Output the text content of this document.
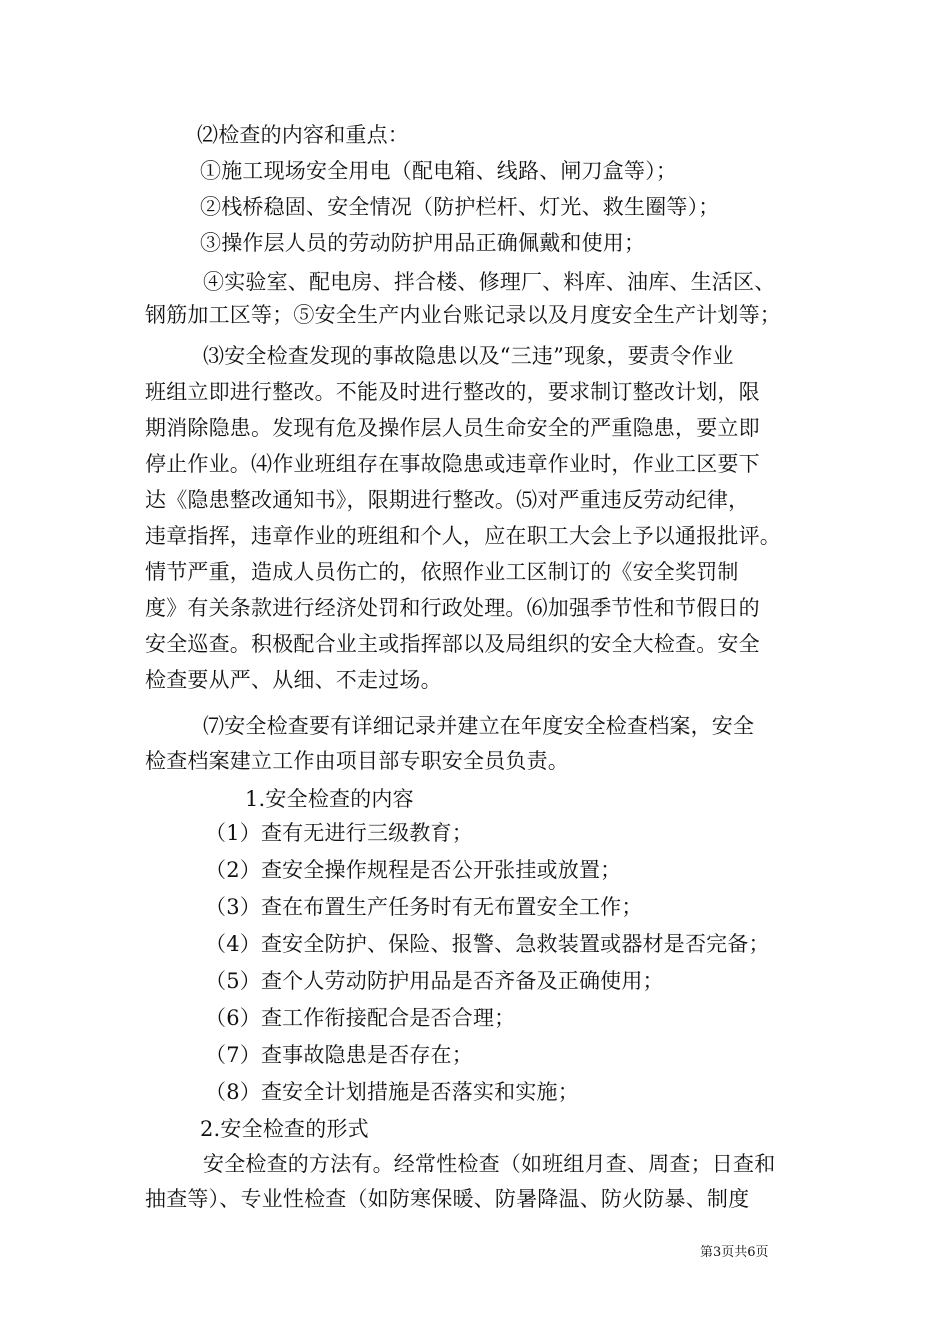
⑵检查的内容和重点：
①施工现场安全用电（配电箱、线路、闸刀盒等）；
②栈桥稳固、安全情况（防护栏杆、灯光、救生圈等）；
③操作层人员的劳动防护用品正确佩戴和使用；
④实验室、配电房、拌合楼、修理厂、料库、油库、生活区、
钢筋加工区等；⑤安全生产内业台账记录以及月度安全生产计划等；
⑶安全检查发现的事故隐患以及“三违”现象，要责令作业
班组立即进行整改。不能及时进行整改的，要求制订整改计划，限
期消除隐患。发现有危及操作层人员生命安全的严重隐患，要立即
停止作业。⑷作业班组存在事故隐患或违章作业时，作业工区要下
达《隐患整改通知书》，限期进行整改。⑸对严重违反劳动纪律，
违章指挥，违章作业的班组和个人，应在职工大会上予以通报批评。
情节严重，造成人员伤亡的，依照作业工区制订的《安全奖罚制
度》有关条款进行经济处罚和行政处理。⑹加强季节性和节假日的
安全巡查。积极配合业主或指挥部以及局组织的安全大检查。安全
检查要从严、从细、不走过场。
⑺安全检查要有详细记录并建立在年度安全检查档案，安全
检查档案建立工作由项目部专职安全员负责。
1.安全检查的内容
（1）查有无进行三级教育；
（2）查安全操作规程是否公开张挂或放置；
（3）查在布置生产任务时有无布置安全工作；
（4）查安全防护、保险、报警、急救装置或器材是否完备；
（5）查个人劳动防护用品是否齐备及正确使用；
（6）查工作衔接配合是否合理；
（7）查事故隐患是否存在；
（8）查安全计划措施是否落实和实施；
2.安全检查的形式
安全检查的方法有。经常性检查（如班组月查、周查；日查和
抽查等）、专业性检查（如防寒保暖、防暑降温、防火防暴、制度
第3页共6页
